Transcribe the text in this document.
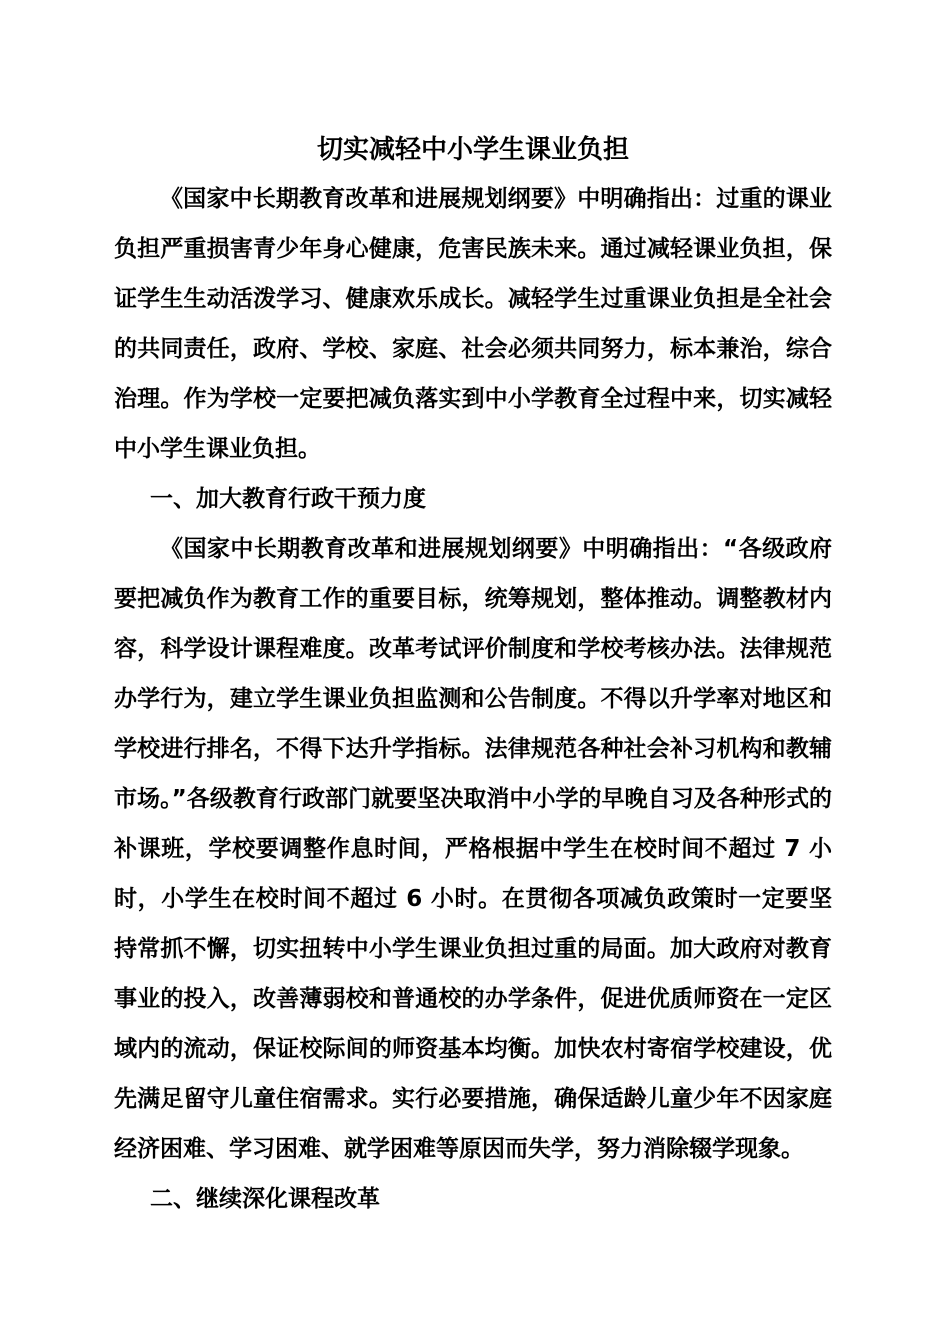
切实减轻中小学生课业负担

《国家中长期教育改革和进展规划纲要》中明确指出：过重的课业负担严重损害青少年身心健康，危害民族未来。通过减轻课业负担，保证学生生动活泼学习、健康欢乐成长。减轻学生过重课业负担是全社会的共同责任，政府、学校、家庭、社会必须共同努力，标本兼治，综合治理。作为学校一定要把减负落实到中小学教育全过程中来，切实减轻中小学生课业负担。

一、加大教育行政干预力度

《国家中长期教育改革和进展规划纲要》中明确指出：“各级政府要把减负作为教育工作的重要目标，统筹规划，整体推动。调整教材内容，科学设计课程难度。改革考试评价制度和学校考核办法。法律规范办学行为，建立学生课业负担监测和公告制度。不得以升学率对地区和学校进行排名，不得下达升学指标。法律规范各种社会补习机构和教辅市场。”各级教育行政部门就要坚决取消中小学的早晚自习及各种形式的补课班，学校要调整作息时间，严格根据中学生在校时间不超过 7 小时，小学生在校时间不超过 6 小时。在贯彻各项减负政策时一定要坚持常抓不懈，切实扭转中小学生课业负担过重的局面。加大政府对教育事业的投入，改善薄弱校和普通校的办学条件，促进优质师资在一定区域内的流动，保证校际间的师资基本均衡。加快农村寄宿学校建设，优先满足留守儿童住宿需求。实行必要措施，确保适龄儿童少年不因家庭经济困难、学习困难、就学困难等原因而失学，努力消除辍学现象。

二、继续深化课程改革
